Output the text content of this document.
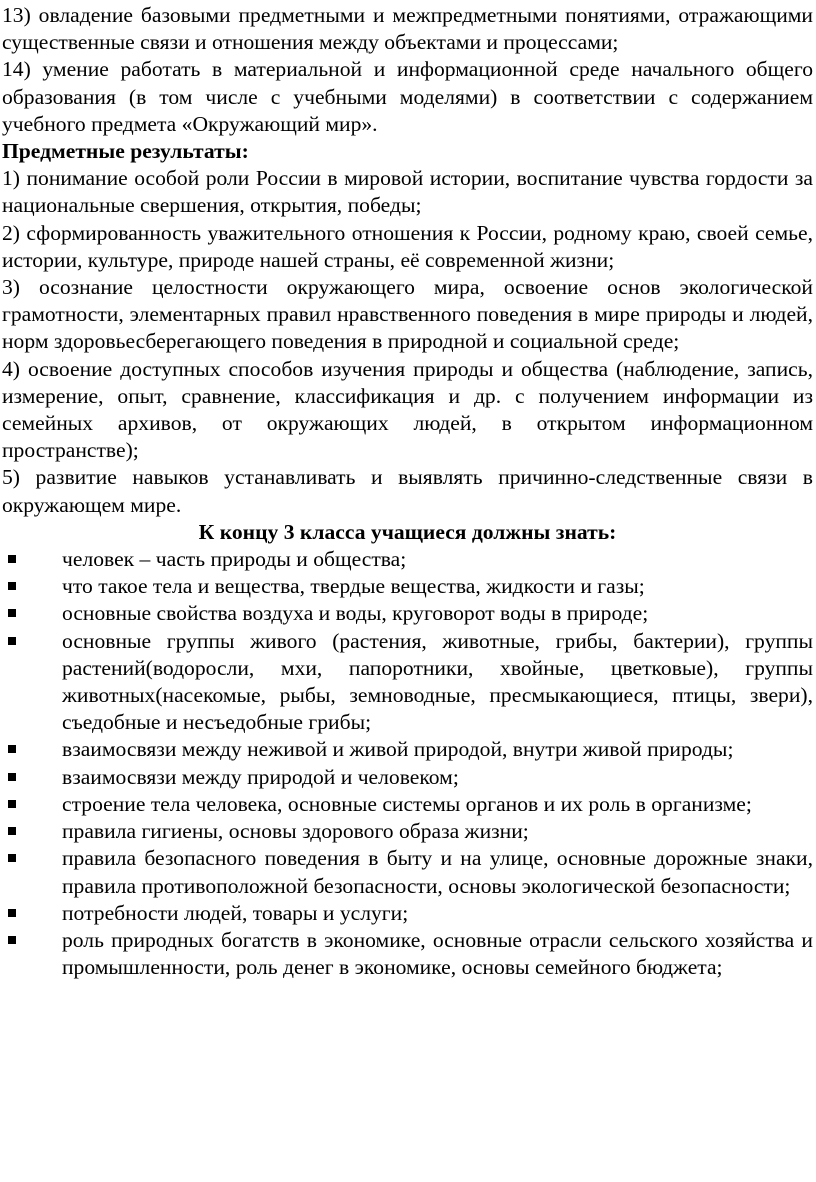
13) овладение базовыми предметными и межпредметными понятиями, отражающими существенные связи и отношения между объектами и процессами;

14) умение работать в материальной и информационной среде начального общего образования (в том числе с учебными моделями) в соответствии с содержанием учебного предмета «Окружающий мир».

Предметные результаты:

1) понимание особой роли России в мировой истории, воспитание чувства гордости за национальные свершения, открытия, победы;

2) сформированность уважительного отношения к России, родному краю, своей семье, истории, культуре, природе нашей страны, её современной жизни;

3) осознание целостности окружающего мира, освоение основ экологической грамотности, элементарных правил нравственного поведения в мире природы и людей, норм здоровьесберегающего поведения в природной и социальной среде;

4) освоение доступных способов изучения природы и общества (наблюдение, запись, измерение, опыт, сравнение, классификация и др. с получением информации из семейных архивов, от окружающих людей, в открытом информационном пространстве);

5) развитие навыков устанавливать и выявлять причинно-следственные связи в окружающем мире.

К концу 3 класса учащиеся должны знать:

человек – часть природы и общества;
что такое тела и вещества, твердые вещества, жидкости и газы;
основные свойства воздуха и воды, круговорот воды в природе;
основные группы живого (растения, животные, грибы, бактерии), группы растений(водоросли, мхи, папоротники, хвойные, цветковые), группы животных(насекомые, рыбы, земноводные, пресмыкающиеся, птицы, звери), съедобные и несъедобные грибы;
взаимосвязи между неживой и живой природой, внутри живой природы;
взаимосвязи между природой и человеком;
строение тела человека, основные системы органов и их роль в организме;
правила гигиены, основы здорового образа жизни;
правила безопасного поведения в быту и на улице, основные дорожные знаки, правила противоположной безопасности, основы экологической безопасности;
потребности людей, товары и услуги;
роль природных богатств в экономике, основные отрасли сельского хозяйства и промышленности, роль денег в экономике, основы семейного бюджета;
